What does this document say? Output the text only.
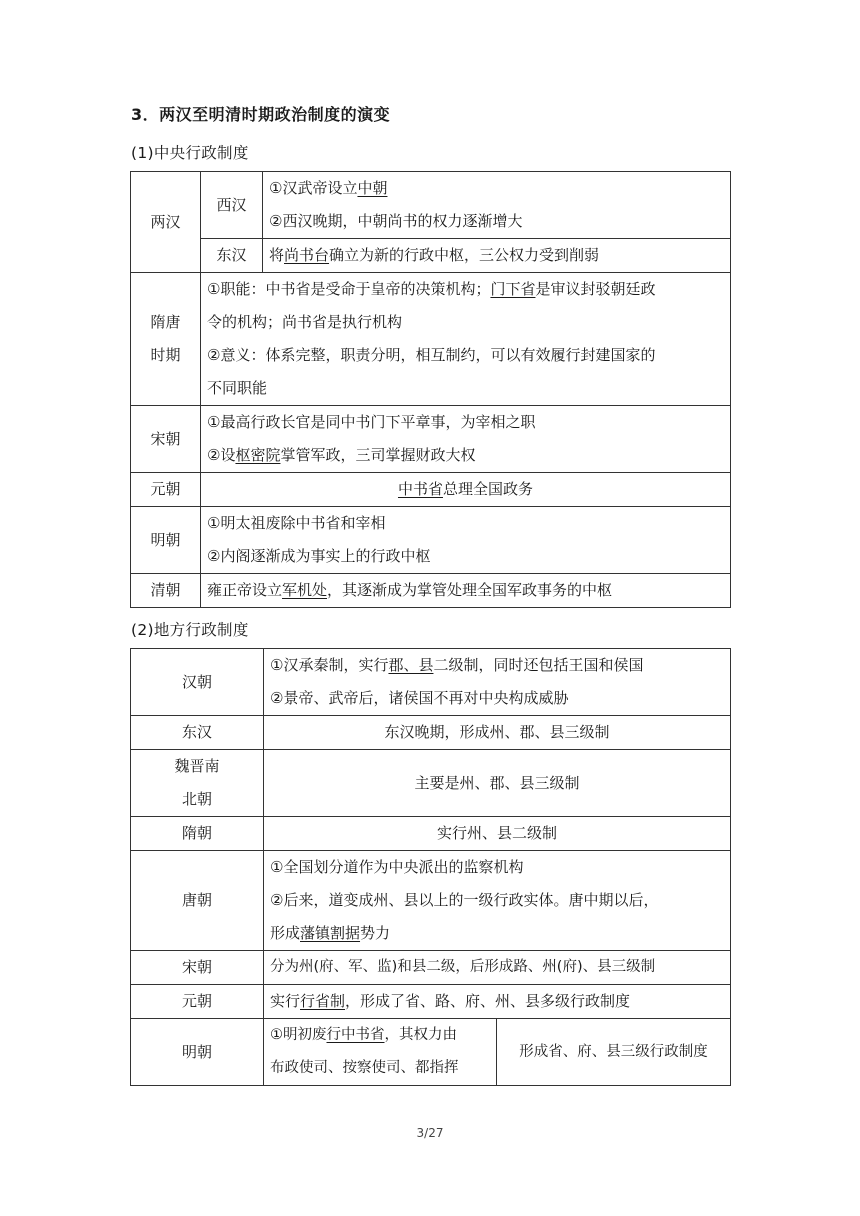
3．两汉至明清时期政治制度的演变
(1)中央行政制度
两汉	西汉	①汉武帝设立中朝
②西汉晚期，中朝尚书的权力逐渐增大

	东汉	将尚书台确立为新的行政中枢，三公权力受到削弱

隋唐
时期	①职能：中书省是受命于皇帝的决策机构；门下省是审议封驳朝廷政
令的机构；尚书省是执行机构
②意义：体系完整，职责分明，相互制约，可以有效履行封建国家的
不同职能	

宋朝	①最高行政长官是同中书门下平章事，为宰相之职
②设枢密院掌管军政，三司掌握财政大权	

元朝	中书省总理全国政务	
明朝	①明太祖废除中书省和宰相
②内阁逐渐成为事实上的行政中枢	

清朝	雍正帝设立军机处，其逐渐成为掌管处理全国军政事务的中枢	
(2)地方行政制度
汉朝	①汉承秦制，实行郡、县二级制，同时还包括王国和侯国
②景帝、武帝后，诸侯国不再对中央构成威胁	

东汉	东汉晚期，形成州、郡、县三级制	

魏晋南
北朝	主要是州、郡、县三级制	
隋朝	实行州、县二级制	
唐朝	①全国划分道作为中央派出的监察机构
②后来，道变成州、县以上的一级行政实体。唐中期以后，
形成藩镇割据势力	

宋朝	分为州(府、军、监)和县二级，后形成路、州(府)、县三级制	
元朝	实行行省制，形成了省、路、府、州、县多级行政制度	
明朝	①明初废行中书省，其权力由
布政使司、按察使司、都指挥	形成省、府、县三级行政制度
3/27
